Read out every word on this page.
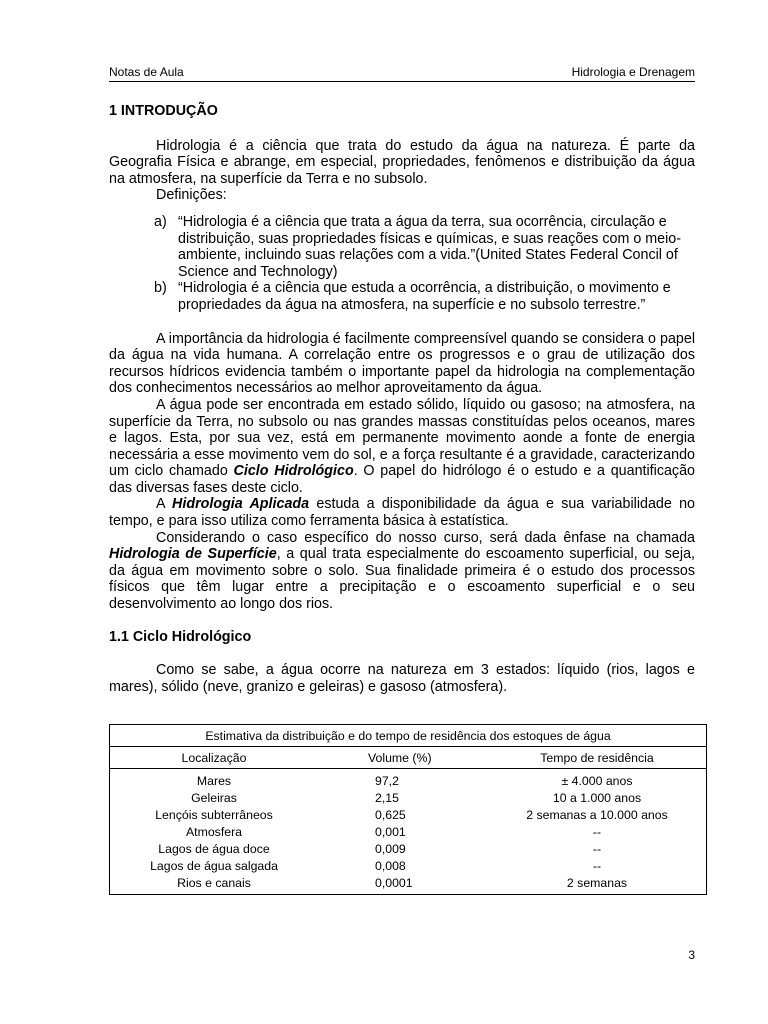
Notas de Aula	Hidrologia e Drenagem
1 INTRODUÇÃO

Hidrologia é a ciência que trata do estudo da água na natureza. É parte da Geografia Física e abrange, em especial, propriedades, fenômenos e distribuição da água na atmosfera, na superfície da Terra e no subsolo.

Definições:

a) “Hidrologia é a ciência que trata a água da terra, sua ocorrência, circulação e distribuição, suas propriedades físicas e químicas, e suas reações com o meio-ambiente, incluindo suas relações com a vida.”(United States Federal Concil of Science and Technology)
b) “Hidrologia é a ciência que estuda a ocorrência, a distribuição, o movimento e propriedades da água na atmosfera, na superfície e no subsolo terrestre.”

A importância da hidrologia é facilmente compreensível quando se considera o papel da água na vida humana. A correlação entre os progressos e o grau de utilização dos recursos hídricos evidencia também o importante papel da hidrologia na complementação dos conhecimentos necessários ao melhor aproveitamento da água.

A água pode ser encontrada em estado sólido, líquido ou gasoso; na atmosfera, na superfície da Terra, no subsolo ou nas grandes massas constituídas pelos oceanos, mares e lagos. Esta, por sua vez, está em permanente movimento aonde a fonte de energia necessária a esse movimento vem do sol, e a força resultante é a gravidade, caracterizando um ciclo chamado Ciclo Hidrológico. O papel do hidrólogo é o estudo e a quantificação das diversas fases deste ciclo.

A Hidrologia Aplicada estuda a disponibilidade da água e sua variabilidade no tempo, e para isso utiliza como ferramenta básica à estatística.

Considerando o caso específico do nosso curso, será dada ênfase na chamada Hidrologia de Superfície, a qual trata especialmente do escoamento superficial, ou seja, da água em movimento sobre o solo. Sua finalidade primeira é o estudo dos processos físicos que têm lugar entre a precipitação e o escoamento superficial e o seu desenvolvimento ao longo dos rios.

1.1 Ciclo Hidrológico

Como se sabe, a água ocorre na natureza em 3 estados: líquido (rios, lagos e mares), sólido (neve, granizo e geleiras) e gasoso (atmosfera).

Estimativa da distribuição e do tempo de residência dos estoques de água
Localização	Volume (%)	Tempo de residência
Mares	97,2	± 4.000 anos
Geleiras	2,15	10 a 1.000 anos
Lençóis subterrâneos	0,625	2 semanas a 10.000 anos
Atmosfera	0,001	--
Lagos de água doce	0,009	--
Lagos de água salgada	0,008	--
Rios e canais	0,0001	2 semanas
3
